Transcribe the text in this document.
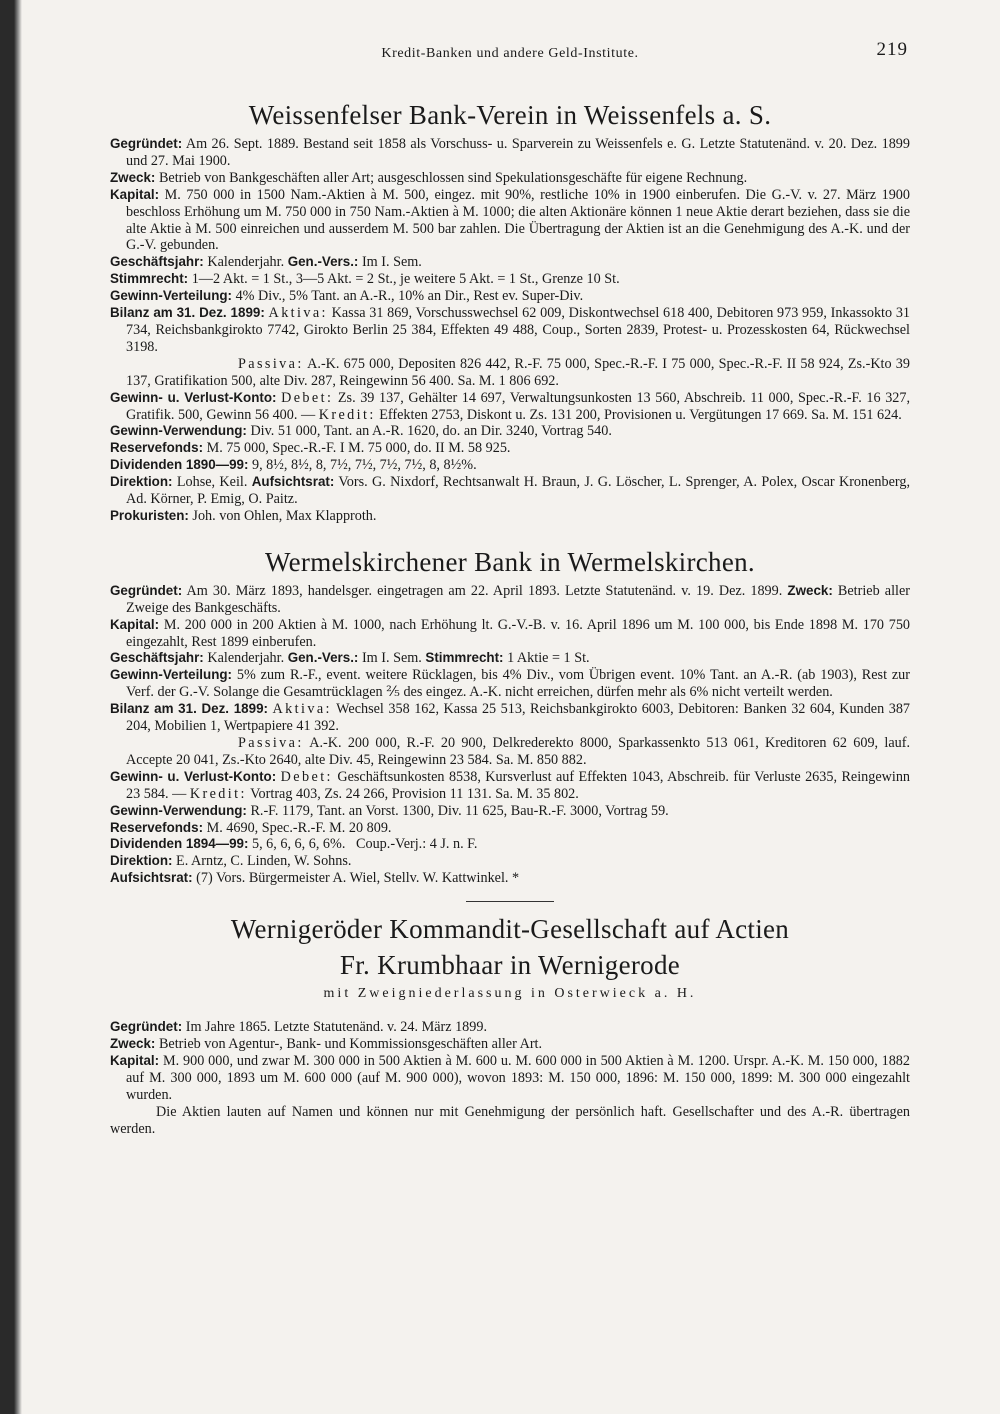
Kredit-Banken und andere Geld-Institute.	219
Weissenfelser Bank-Verein in Weissenfels a. S.

Gegründet: Am 26. Sept. 1889. Bestand seit 1858 als Vorschuss- u. Sparverein zu Weissenfels e. G. Letzte Statutenänd. v. 20. Dez. 1899 und 27. Mai 1900.

Zweck: Betrieb von Bankgeschäften aller Art; ausgeschlossen sind Spekulationsgeschäfte für eigene Rechnung.

Kapital: M. 750 000 in 1500 Nam.-Aktien à M. 500, eingez. mit 90%, restliche 10% in 1900 einberufen. Die G.-V. v. 27. März 1900 beschloss Erhöhung um M. 750 000 in 750 Nam.-Aktien à M. 1000; die alten Aktionäre können 1 neue Aktie derart beziehen, dass sie die alte Aktie à M. 500 einreichen und ausserdem M. 500 bar zahlen. Die Übertragung der Aktien ist an die Genehmigung des A.-K. und der G.-V. gebunden.

Geschäftsjahr: Kalenderjahr. Gen.-Vers.: Im I. Sem.

Stimmrecht: 1—2 Akt. = 1 St., 3—5 Akt. = 2 St., je weitere 5 Akt. = 1 St., Grenze 10 St.

Gewinn-Verteilung: 4% Div., 5% Tant. an A.-R., 10% an Dir., Rest ev. Super-Div.

Bilanz am 31. Dez. 1899: Aktiva: Kassa 31 869, Vorschusswechsel 62 009, Diskontwechsel 618 400, Debitoren 973 959, Inkassokto 31 734, Reichsbankgirokto 7742, Girokto Berlin 25 384, Effekten 49 488, Coup., Sorten 2839, Protest- u. Prozesskosten 64, Rückwechsel 3198.

Passiva: A.-K. 675 000, Depositen 826 442, R.-F. 75 000, Spec.-R.-F. I 75 000, Spec.-R.-F. II 58 924, Zs.-Kto 39 137, Gratifikation 500, alte Div. 287, Reingewinn 56 400. Sa. M. 1 806 692.

Gewinn- u. Verlust-Konto: Debet: Zs. 39 137, Gehälter 14 697, Verwaltungsunkosten 13 560, Abschreib. 11 000, Spec.-R.-F. 16 327, Gratifik. 500, Gewinn 56 400. — Kredit: Effekten 2753, Diskont u. Zs. 131 200, Provisionen u. Vergütungen 17 669. Sa. M. 151 624.

Gewinn-Verwendung: Div. 51 000, Tant. an A.-R. 1620, do. an Dir. 3240, Vortrag 540.

Reservefonds: M. 75 000, Spec.-R.-F. I M. 75 000, do. II M. 58 925.

Dividenden 1890—99: 9, 8½, 8½, 8, 7½, 7½, 7½, 7½, 8, 8½%.

Direktion: Lohse, Keil. Aufsichtsrat: Vors. G. Nixdorf, Rechtsanwalt H. Braun, J. G. Löscher, L. Sprenger, A. Polex, Oscar Kronenberg, Ad. Körner, P. Emig, O. Paitz.

Prokuristen: Joh. von Ohlen, Max Klapproth.

Wermelskirchener Bank in Wermelskirchen.

Gegründet: Am 30. März 1893, handelsger. eingetragen am 22. April 1893. Letzte Statutenänd. v. 19. Dez. 1899. Zweck: Betrieb aller Zweige des Bankgeschäfts.

Kapital: M. 200 000 in 200 Aktien à M. 1000, nach Erhöhung lt. G.-V.-B. v. 16. April 1896 um M. 100 000, bis Ende 1898 M. 170 750 eingezahlt, Rest 1899 einberufen.

Geschäftsjahr: Kalenderjahr. Gen.-Vers.: Im I. Sem. Stimmrecht: 1 Aktie = 1 St.

Gewinn-Verteilung: 5% zum R.-F., event. weitere Rücklagen, bis 4% Div., vom Übrigen event. 10% Tant. an A.-R. (ab 1903), Rest zur Verf. der G.-V. Solange die Gesamtrücklagen ⅖ des eingez. A.-K. nicht erreichen, dürfen mehr als 6% nicht verteilt werden.

Bilanz am 31. Dez. 1899: Aktiva: Wechsel 358 162, Kassa 25 513, Reichsbankgirokto 6003, Debitoren: Banken 32 604, Kunden 387 204, Mobilien 1, Wertpapiere 41 392.

Passiva: A.-K. 200 000, R.-F. 20 900, Delkrederekto 8000, Sparkassenkto 513 061, Kreditoren 62 609, lauf. Accepte 20 041, Zs.-Kto 2640, alte Div. 45, Reingewinn 23 584. Sa. M. 850 882.

Gewinn- u. Verlust-Konto: Debet: Geschäftsunkosten 8538, Kursverlust auf Effekten 1043, Abschreib. für Verluste 2635, Reingewinn 23 584. — Kredit: Vortrag 403, Zs. 24 266, Provision 11 131. Sa. M. 35 802.

Gewinn-Verwendung: R.-F. 1179, Tant. an Vorst. 1300, Div. 11 625, Bau-R.-F. 3000, Vortrag 59.

Reservefonds: M. 4690, Spec.-R.-F. M. 20 809.

Dividenden 1894—99: 5, 6, 6, 6, 6, 6%. Coup.-Verj.: 4 J. n. F.

Direktion: E. Arntz, C. Linden, W. Sohns.

Aufsichtsrat: (7) Vors. Bürgermeister A. Wiel, Stellv. W. Kattwinkel. *

Wernigeröder Kommandit-Gesellschaft auf Actien
Fr. Krumbhaar in Wernigerode
mit Zweigniederlassung in Osterwieck a. H.

Gegründet: Im Jahre 1865. Letzte Statutenänd. v. 24. März 1899.

Zweck: Betrieb von Agentur-, Bank- und Kommissionsgeschäften aller Art.

Kapital: M. 900 000, und zwar M. 300 000 in 500 Aktien à M. 600 u. M. 600 000 in 500 Aktien à M. 1200. Urspr. A.-K. M. 150 000, 1882 auf M. 300 000, 1893 um M. 600 000 (auf M. 900 000), wovon 1893: M. 150 000, 1896: M. 150 000, 1899: M. 300 000 eingezahlt wurden.

Die Aktien lauten auf Namen und können nur mit Genehmigung der persönlich haft. Gesellschafter und des A.-R. übertragen werden.
